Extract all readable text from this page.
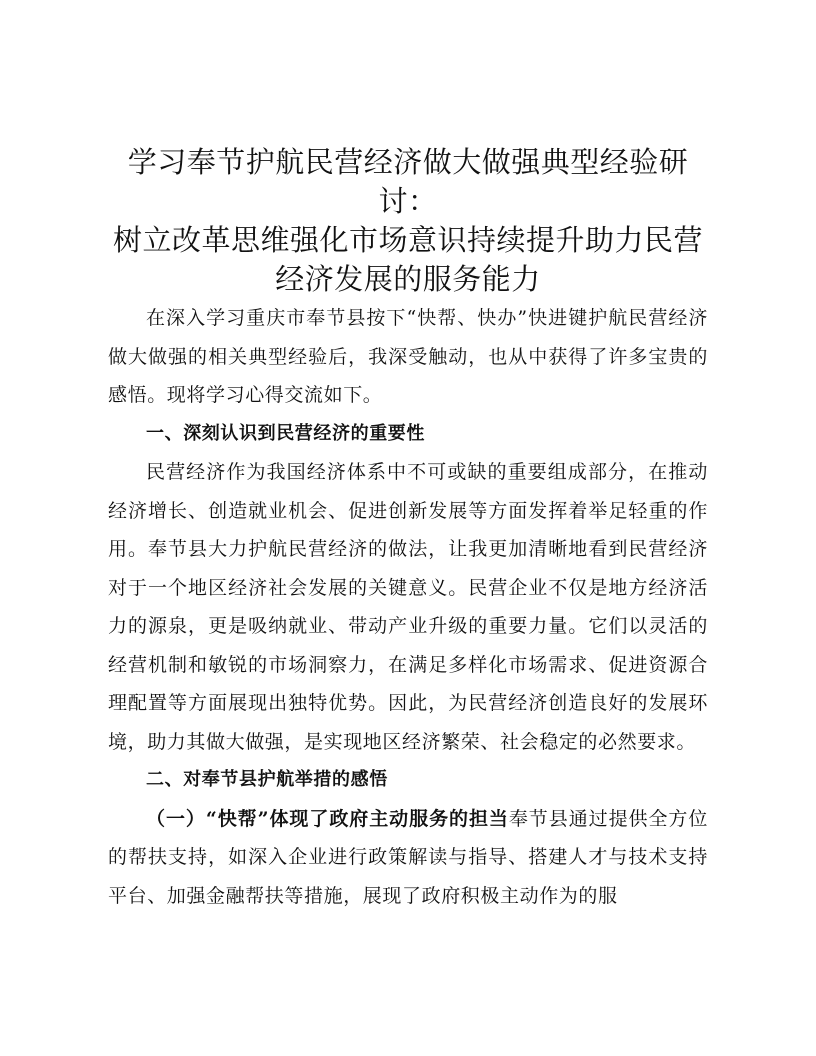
学习奉节护航民营经济做大做强典型经验研讨：
树立改革思维强化市场意识持续提升助力民营
经济发展的服务能力

在深入学习重庆市奉节县按下“快帮、快办”快进键护航民营经济做大做强的相关典型经验后，我深受触动，也从中获得了许多宝贵的感悟。现将学习心得交流如下。

一、深刻认识到民营经济的重要性

民营经济作为我国经济体系中不可或缺的重要组成部分，在推动经济增长、创造就业机会、促进创新发展等方面发挥着举足轻重的作用。奉节县大力护航民营经济的做法，让我更加清晰地看到民营经济对于一个地区经济社会发展的关键意义。民营企业不仅是地方经济活力的源泉，更是吸纳就业、带动产业升级的重要力量。它们以灵活的经营机制和敏锐的市场洞察力，在满足多样化市场需求、促进资源合理配置等方面展现出独特优势。因此，为民营经济创造良好的发展环境，助力其做大做强，是实现地区经济繁荣、社会稳定的必然要求。

二、对奉节县护航举措的感悟

（一）“快帮”体现了政府主动服务的担当奉节县通过提供全方位的帮扶支持，如深入企业进行政策解读与指导、搭建人才与技术支持平台、加强金融帮扶等措施，展现了政府积极主动作为的服
